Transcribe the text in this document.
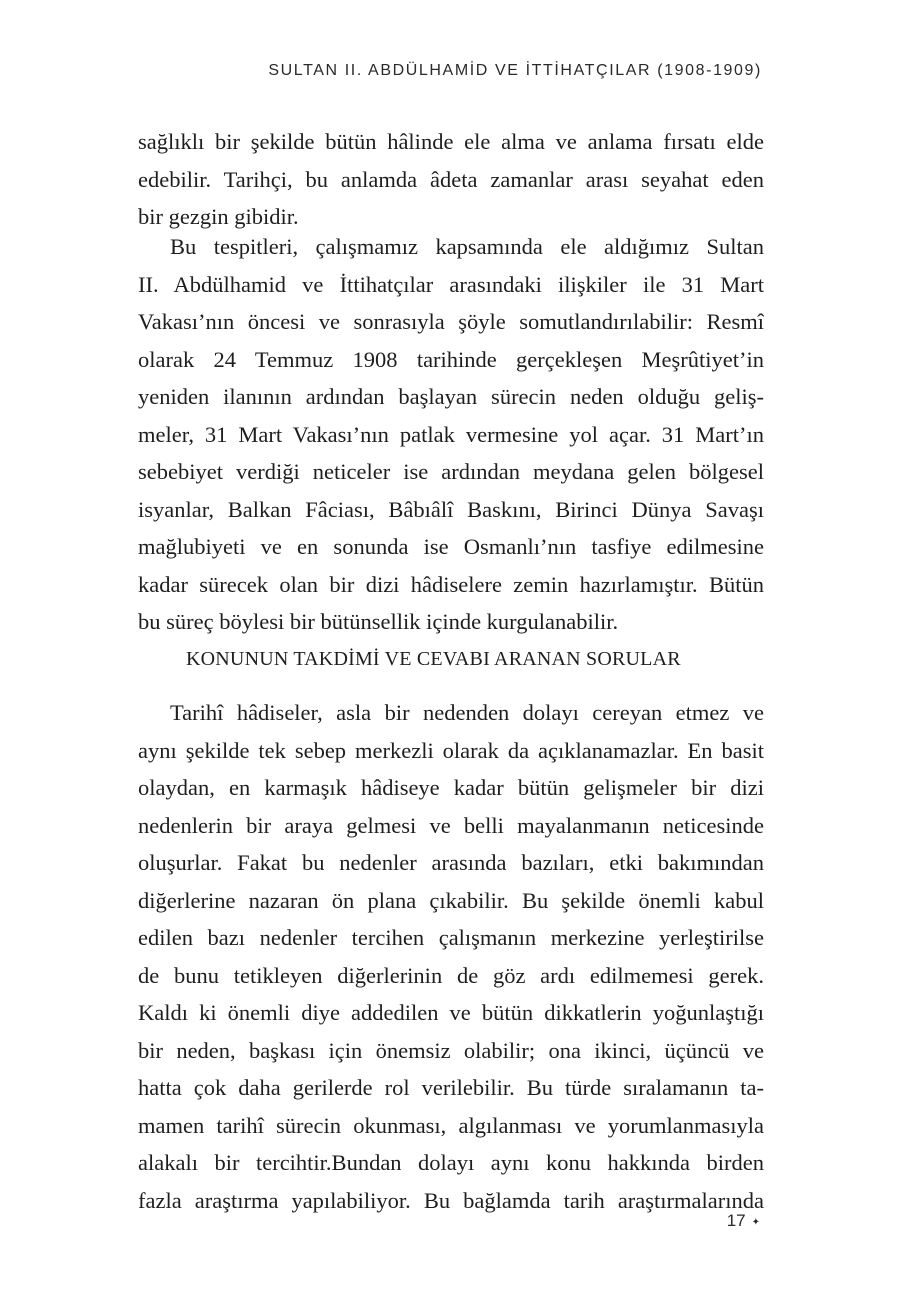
SULTAN II. ABDÜLHAMİD VE İTTİHATÇILAR (1908-1909)
sağlıklı bir şekilde bütün hâlinde ele alma ve anlama fırsatı elde
edebilir. Tarihçi, bu anlamda âdeta zamanlar arası seyahat eden
bir gezgin gibidir.
Bu tespitleri, çalışmamız kapsamında ele aldığımız Sultan
II. Abdülhamid ve İttihatçılar arasındaki ilişkiler ile 31 Mart
Vakası’nın öncesi ve sonrasıyla şöyle somutlandırılabilir: Resmî
olarak 24 Temmuz 1908 tarihinde gerçekleşen Meşrûtiyet’in
yeniden ilanının ardından başlayan sürecin neden olduğu geliş-
meler, 31 Mart Vakası’nın patlak vermesine yol açar. 31 Mart’ın
sebebiyet verdiği neticeler ise ardından meydana gelen bölgesel
isyanlar, Balkan Fâciası, Bâbıâlî Baskını, Birinci Dünya Savaşı
mağlubiyeti ve en sonunda ise Osmanlı’nın tasfiye edilmesine
kadar sürecek olan bir dizi hâdiselere zemin hazırlamıştır. Bütün
bu süreç böylesi bir bütünsellik içinde kurgulanabilir.
KONUNUN TAKDİMİ VE CEVABI ARANAN SORULAR
Tarihî hâdiseler, asla bir nedenden dolayı cereyan etmez ve
aynı şekilde tek sebep merkezli olarak da açıklanamazlar. En basit
olaydan, en karmaşık hâdiseye kadar bütün gelişmeler bir dizi
nedenlerin bir araya gelmesi ve belli mayalanmanın neticesinde
oluşurlar. Fakat bu nedenler arasında bazıları, etki bakımından
diğerlerine nazaran ön plana çıkabilir. Bu şekilde önemli kabul
edilen bazı nedenler tercihen çalışmanın merkezine yerleştirilse
de bunu tetikleyen diğerlerinin de göz ardı edilmemesi gerek.
Kaldı ki önemli diye addedilen ve bütün dikkatlerin yoğunlaştığı
bir neden, başkası için önemsiz olabilir; ona ikinci, üçüncü ve
hatta çok daha gerilerde rol verilebilir. Bu türde sıralamanın ta-
mamen tarihî sürecin okunması, algılanması ve yorumlanmasıyla
alakalı bir tercihtir.Bundan dolayı aynı konu hakkında birden
fazla araştırma yapılabiliyor. Bu bağlamda tarih araştırmalarında
17 ✦
